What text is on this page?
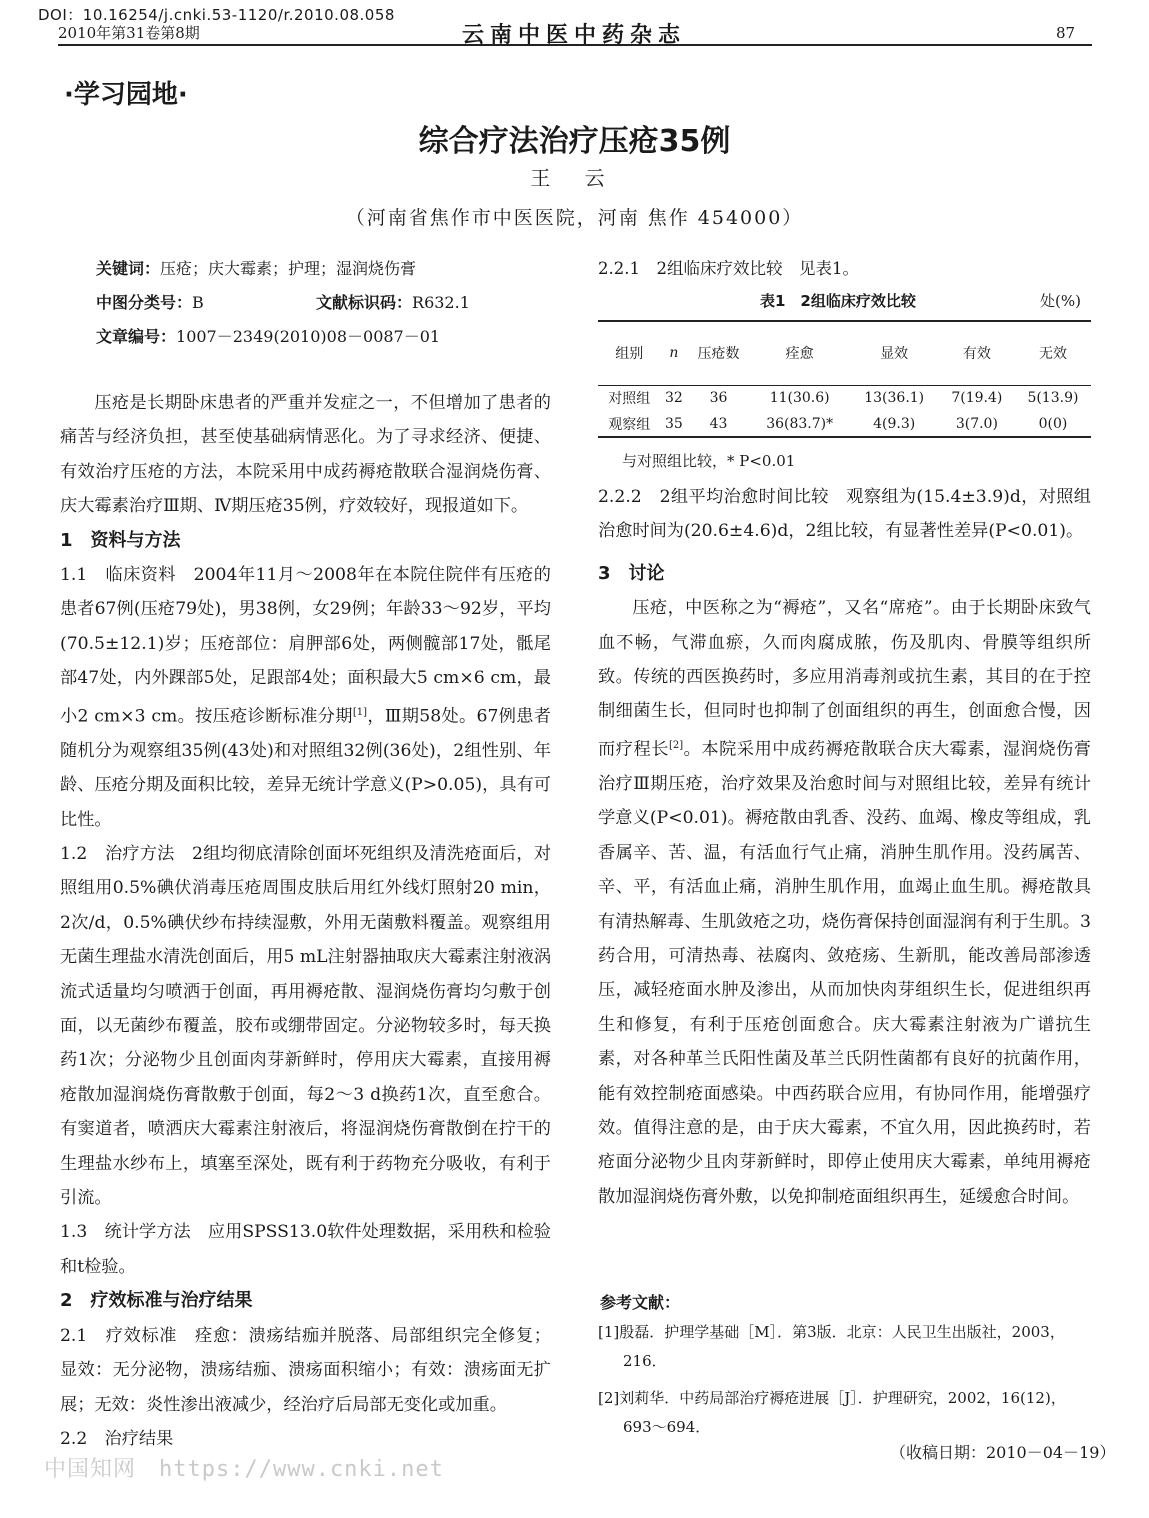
DOI：10.16254/j.cnki.53-1120/r.2010.08.058
2010年第31卷第8期	云南中医中药杂志	87
·学习园地·
综合疗法治疗压疮35例
王 云
（河南省焦作市中医医院，河南 焦作 454000）
关键词：压疮；庆大霉素；护理；湿润烧伤膏
中图分类号：B	文献标识码：R632.1
文章编号：1007－2349(2010)08－0087－01

压疮是长期卧床患者的严重并发症之一，不但增加了患者的痛苦与经济负担，甚至使基础病情恶化。为了寻求经济、便捷、有效治疗压疮的方法，本院采用中成药褥疮散联合湿润烧伤膏、庆大霉素治疗Ⅲ期、Ⅳ期压疮35例，疗效较好，现报道如下。

1　资料与方法

1.1　临床资料　2004年11月～2008年在本院住院伴有压疮的患者67例(压疮79处)，男38例，女29例；年龄33～92岁，平均(70.5±12.1)岁；压疮部位：肩胛部6处，两侧髋部17处，骶尾部47处，内外踝部5处，足跟部4处；面积最大5 cm×6 cm，最小2 cm×3 cm。按压疮诊断标准分期[1]，Ⅲ期58处。67例患者随机分为观察组35例(43处)和对照组32例(36处)，2组性别、年龄、压疮分期及面积比较，差异无统计学意义(P>0.05)，具有可比性。

1.2　治疗方法　2组均彻底清除创面坏死组织及清洗疮面后，对照组用0.5%碘伏消毒压疮周围皮肤后用红外线灯照射20 min，2次/d，0.5%碘伏纱布持续湿敷，外用无菌敷料覆盖。观察组用无菌生理盐水清洗创面后，用5 mL注射器抽取庆大霉素注射液涡流式适量均匀喷洒于创面，再用褥疮散、湿润烧伤膏均匀敷于创面，以无菌纱布覆盖，胶布或绷带固定。分泌物较多时，每天换药1次；分泌物少且创面肉芽新鲜时，停用庆大霉素，直接用褥疮散加湿润烧伤膏散敷于创面，每2～3 d换药1次，直至愈合。有窦道者，喷洒庆大霉素注射液后，将湿润烧伤膏散倒在拧干的生理盐水纱布上，填塞至深处，既有利于药物充分吸收，有利于引流。

1.3　统计学方法　应用SPSS13.0软件处理数据，采用秩和检验和t检验。

2　疗效标准与治疗结果

2.1　疗效标准　痊愈：溃疡结痂并脱落、局部组织完全修复；显效：无分泌物，溃疡结痂、溃疡面积缩小；有效：溃疡面无扩展；无效：炎性渗出液减少，经治疗后局部无变化或加重。

2.2　治疗结果

2.2.1　2组临床疗效比较　见表1。
表1　2组临床疗效比较	处(%)
组别	n	压疮数	痊愈	显效	有效	无效
对照组	32	36	11(30.6)	13(36.1)	7(19.4)	5(13.9)
观察组	35	43	36(83.7)*	4(9.3)	3(7.0)	0(0)
与对照组比较，* P<0.01

2.2.2　2组平均治愈时间比较　观察组为(15.4±3.9)d，对照组治愈时间为(20.6±4.6)d，2组比较，有显著性差异(P<0.01)。

3　讨论

压疮，中医称之为“褥疮”，又名“席疮”。由于长期卧床致气血不畅，气滞血瘀，久而肉腐成脓，伤及肌肉、骨膜等组织所致。传统的西医换药时，多应用消毒剂或抗生素，其目的在于控制细菌生长，但同时也抑制了创面组织的再生，创面愈合慢，因而疗程长[2]。本院采用中成药褥疮散联合庆大霉素，湿润烧伤膏治疗Ⅲ期压疮，治疗效果及治愈时间与对照组比较，差异有统计学意义(P<0.01)。褥疮散由乳香、没药、血竭、橡皮等组成，乳香属辛、苦、温，有活血行气止痛，消肿生肌作用。没药属苦、辛、平，有活血止痛，消肿生肌作用，血竭止血生肌。褥疮散具有清热解毒、生肌敛疮之功，烧伤膏保持创面湿润有利于生肌。3药合用，可清热毒、祛腐肉、敛疮疡、生新肌，能改善局部渗透压，减轻疮面水肿及渗出，从而加快肉芽组织生长，促进组织再生和修复，有利于压疮创面愈合。庆大霉素注射液为广谱抗生素，对各种革兰氏阳性菌及革兰氏阴性菌都有良好的抗菌作用，能有效控制疮面感染。中西药联合应用，有协同作用，能增强疗效。值得注意的是，由于庆大霉素，不宜久用，因此换药时，若疮面分泌物少且肉芽新鲜时，即停止使用庆大霉素，单纯用褥疮散加湿润烧伤膏外敷，以免抑制疮面组织再生，延缓愈合时间。

参考文献：
[1]殷磊．护理学基础［M］．第3版．北京：人民卫生出版社，2003，216．
[2]刘莉华．中药局部治疗褥疮进展［J］．护理研究，2002，16(12)，693～694．
（收稿日期：2010－04－19）
中国知网　https://www.cnki.net
